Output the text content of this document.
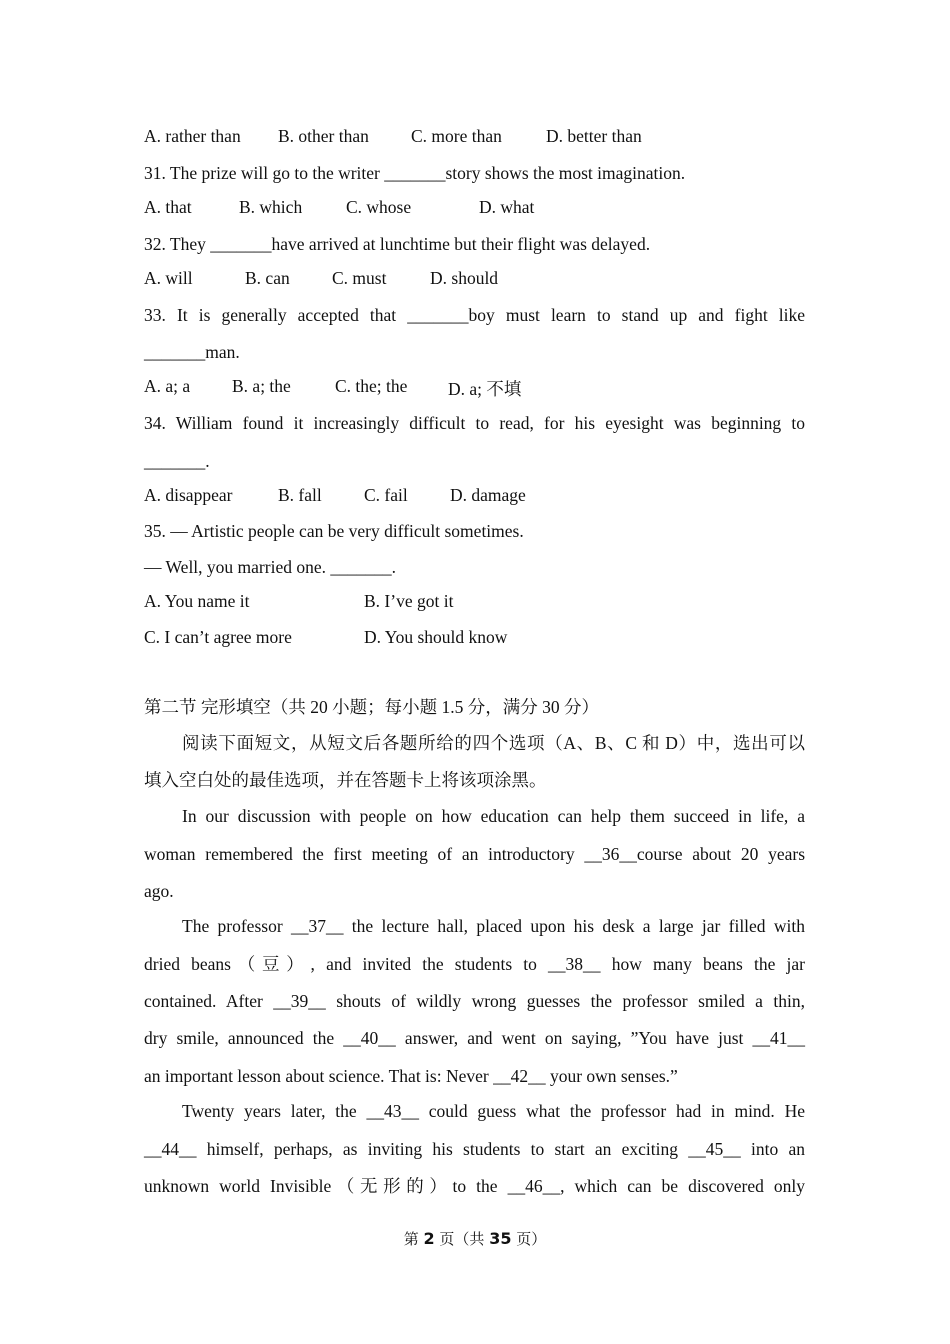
A. rather than B. other than C. more than	D. better than
31. The prize will go to the writer _______story shows the most imagination.
A. that	B. which	C. whose	D. what
32. They _______have arrived at lunchtime but their flight was delayed.
A. will	B. can C. must D. should
33. It is generally accepted that _______boy must learn to stand up and fight like
_______man.
A. a; a B. a; the	C. the; the D. a; 不填
34. William found it increasingly difficult to read, for his eyesight was beginning to
_______.
A. disappear	B. fall C. fail D. damage
35. — Artistic people can be very difficult sometimes.
— Well, you married one. _______.
A. You name it	B. I’ve got it
C. I can’t agree more	D. You should know
第二节 完形填空（共 20 小题；每小题 1.5 分，满分 30 分）
阅读下面短文，从短文后各题所给的四个选项（A、B、C 和 D）中，选出可以
填入空白处的最佳选项，并在答题卡上将该项涂黑。
In our discussion with people on how education can help them succeed in life, a
woman remembered the first meeting of an introductory __36__course about 20 years
ago.
The professor __37__ the lecture hall, placed upon his desk a large jar filled with
dried beans（豆）, and invited the students to __38__ how many beans the jar
contained. After __39__ shouts of wildly wrong guesses the professor smiled a thin,
dry smile, announced the __40__ answer, and went on saying, ”You have just __41__
an important lesson about science. That is: Never __42__ your own senses.”
Twenty years later, the __43__ could guess what the professor had in mind. He
__44__ himself, perhaps, as inviting his students to start an exciting __45__ into an
unknown world Invisible（无形的）to the __46__, which can be discovered only
第 2 页（共 35 页）
